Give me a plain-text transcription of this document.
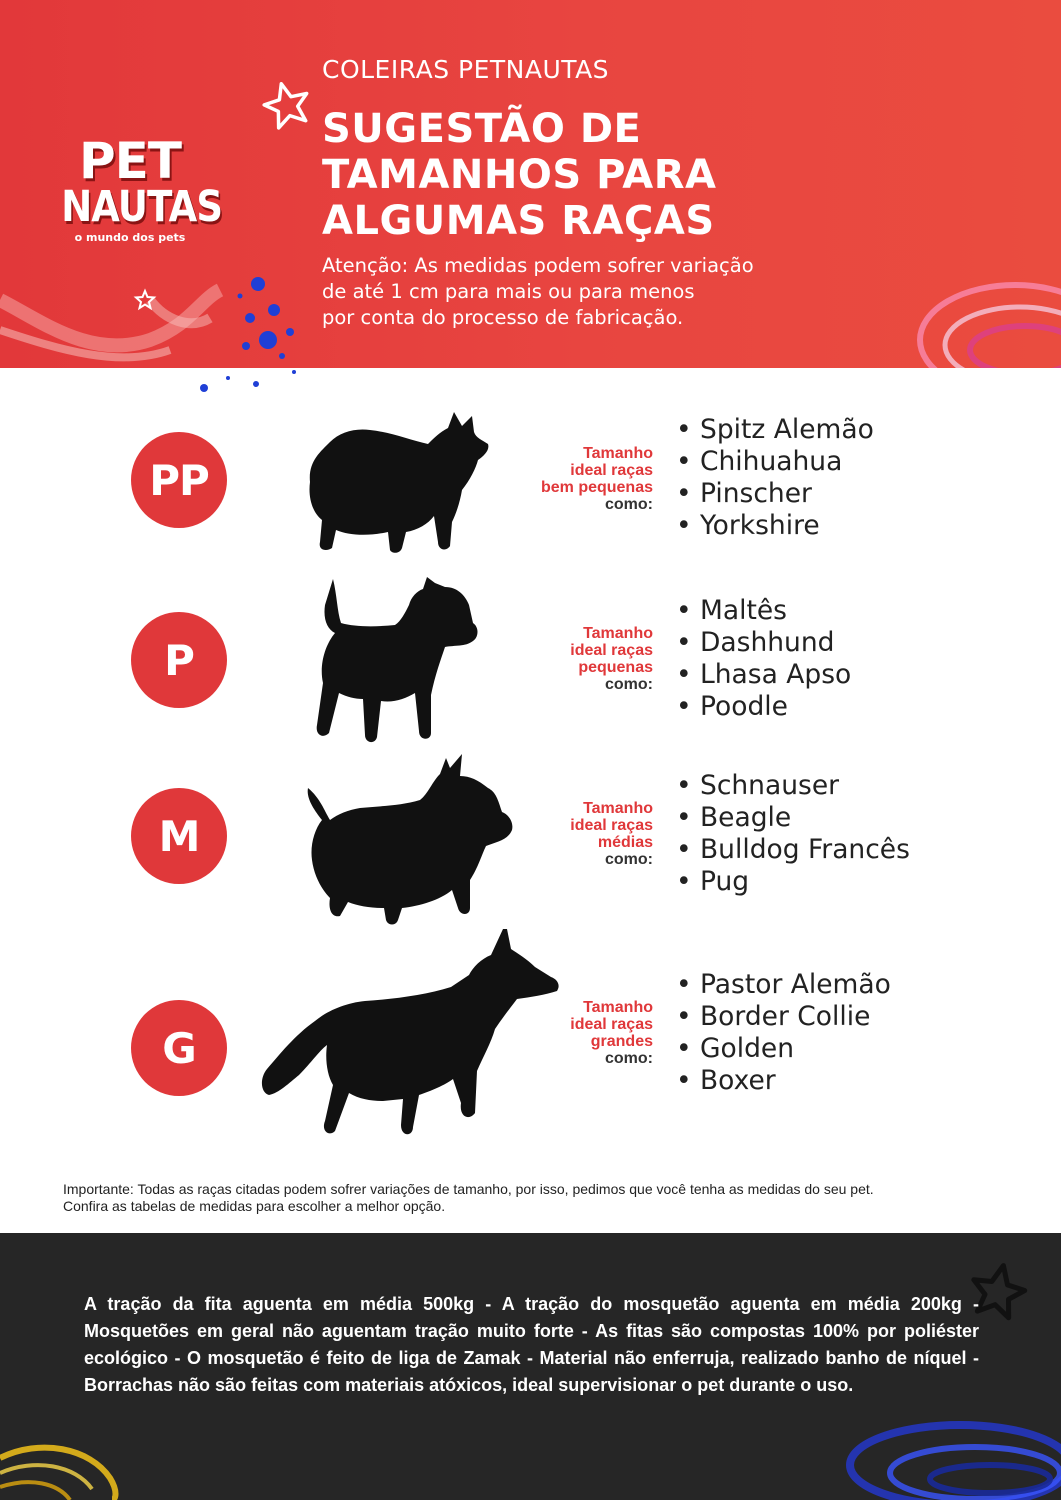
PET
NAUTAS
o mundo dos pets
COLEIRAS PETNAUTAS
SUGESTÃO DE
TAMANHOS PARA
ALGUMAS RAÇAS
Atenção: As medidas podem sofrer variação
de até 1 cm para mais ou para menos
por conta do processo de fabricação.
PP
Tamanho
ideal raças
bem pequenas
como:
• Spitz Alemão
• Chihuahua
• Pinscher
• Yorkshire
P
Tamanho
ideal raças
pequenas
como:
• Maltês
• Dashhund
• Lhasa Apso
• Poodle
M
Tamanho
ideal raças
médias
como:
• Schnauser
• Beagle
• Bulldog Francês
• Pug
G
Tamanho
ideal raças
grandes
como:
• Pastor Alemão
• Border Collie
• Golden
• Boxer
Importante: Todas as raças citadas podem sofrer variações de tamanho, por isso, pedimos que você tenha as medidas do seu pet.
Confira as tabelas de medidas para escolher a melhor opção.
A tração da fita aguenta em média 500kg - A tração do mosquetão aguenta em média 200kg - Mosquetões em geral não aguentam tração muito forte - As fitas são compostas 100% por poliéster ecológico - O mosquetão é feito de liga de Zamak - Material não enferruja, realizado banho de níquel - Borrachas não são feitas com materiais atóxicos, ideal supervisionar o pet durante o uso.
